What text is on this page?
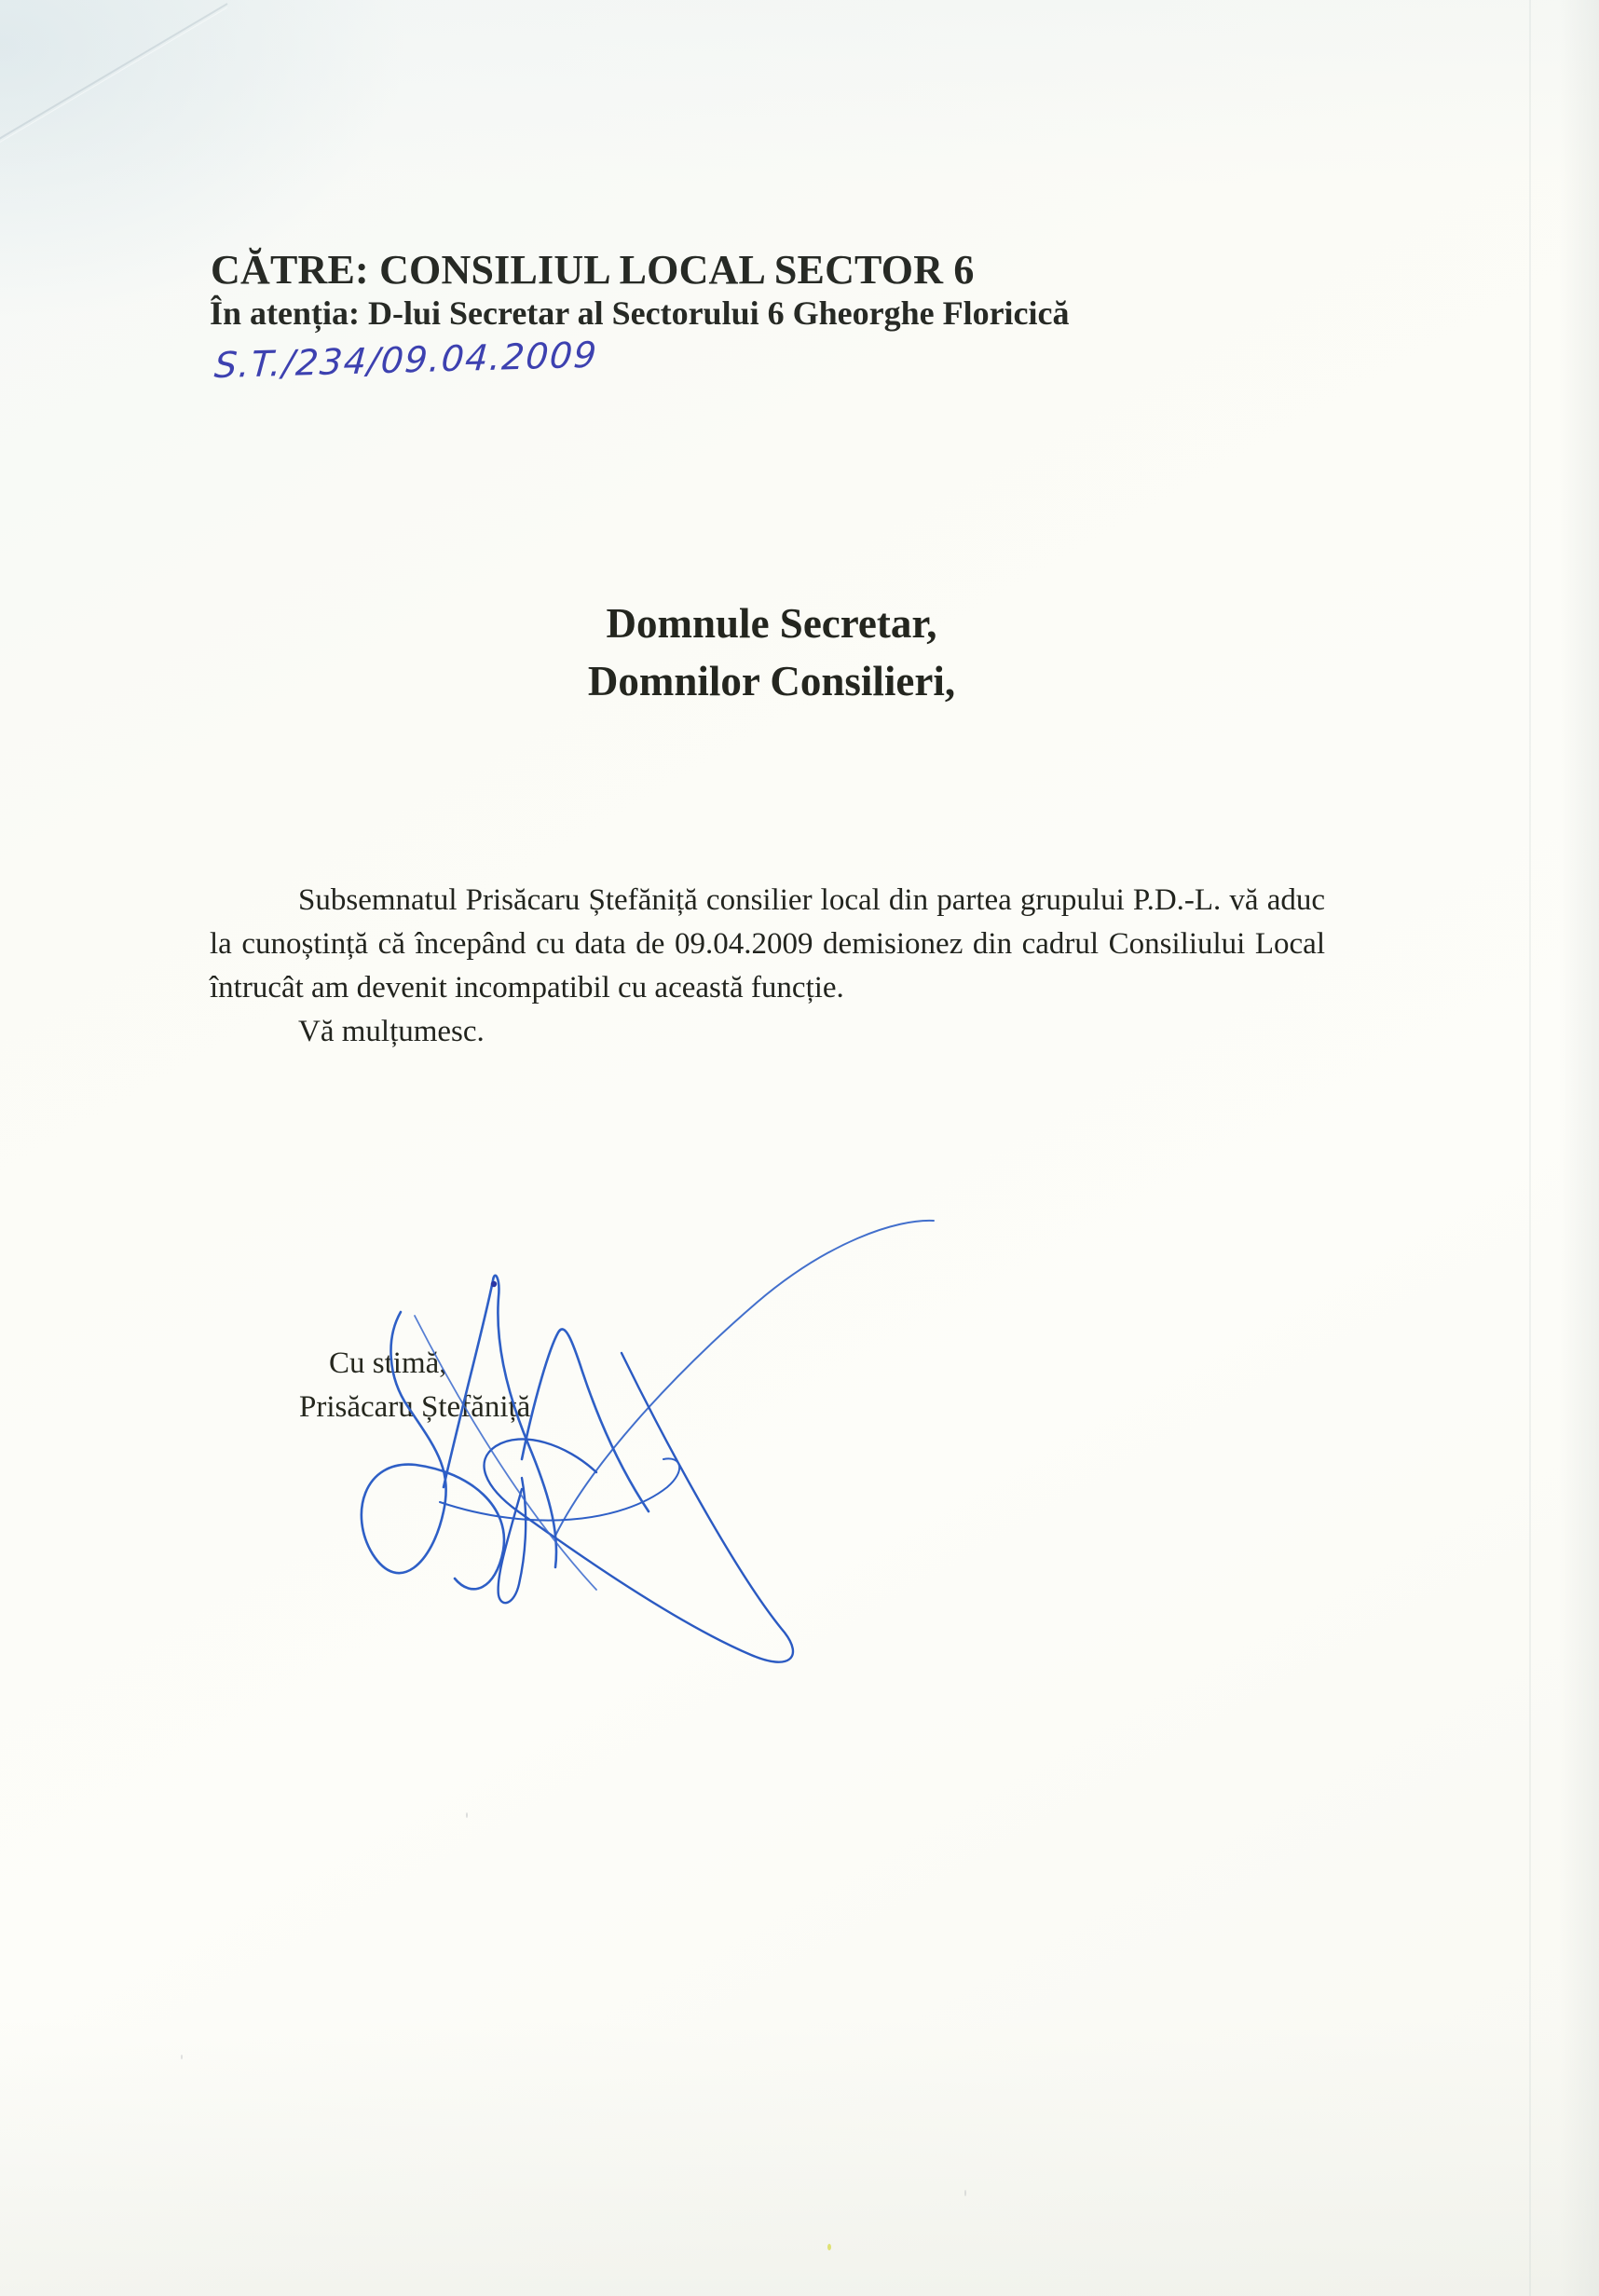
CĂTRE: CONSILIUL LOCAL SECTOR 6
În atenția: D-lui Secretar al Sectorului 6 Gheorghe Floricică
S.T./234/09.04.2009
Domnule Secretar,
Domnilor Consilieri,

Subsemnatul Prisăcaru Ștefăniță consilier local din partea grupului P.D.-L. vă aduc la cunoștință că începând cu data de 09.04.2009 demisionez din cadrul Consiliului Local întrucât am devenit incompatibil cu această funcție.

Vă mulțumesc.

Cu stimă,
Prisăcaru Ștefăniță
